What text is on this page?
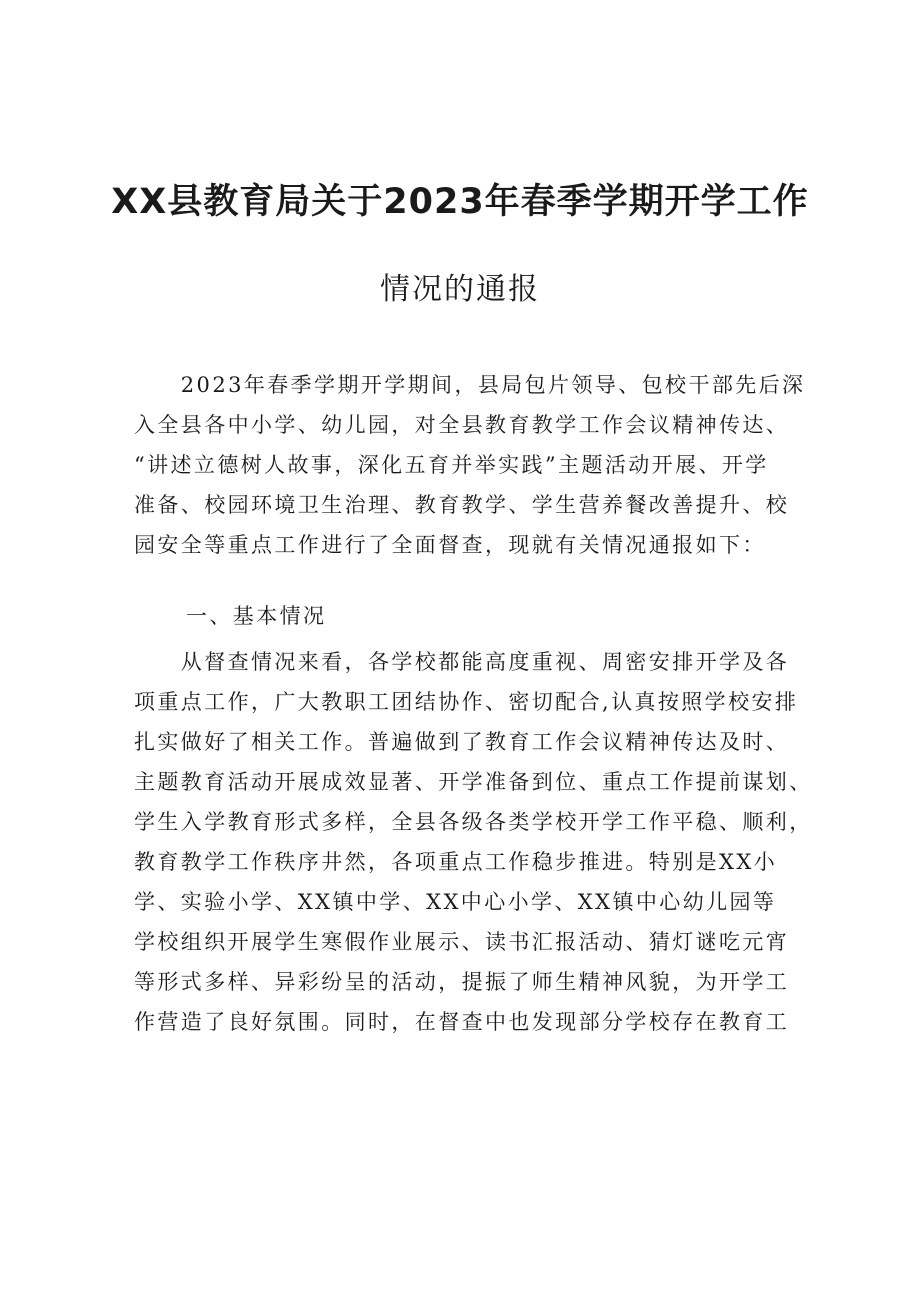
XX县教育局关于2023年春季学期开学工作
情况的通报
　　2023年春季学期开学期间，县局包片领导、包校干部先后深
入全县各中小学、幼儿园，对全县教育教学工作会议精神传达、
“讲述立德树人故事，深化五育并举实践”主题活动开展、开学
准备、校园环境卫生治理、教育教学、学生营养餐改善提升、校
园安全等重点工作进行了全面督查，现就有关情况通报如下：
一、基本情况
　　从督查情况来看，各学校都能高度重视、周密安排开学及各
项重点工作，广大教职工团结协作、密切配合,认真按照学校安排
扎实做好了相关工作。普遍做到了教育工作会议精神传达及时、
主题教育活动开展成效显著、开学准备到位、重点工作提前谋划、
学生入学教育形式多样，全县各级各类学校开学工作平稳、顺利，
教育教学工作秩序井然，各项重点工作稳步推进。特别是XX小
学、实验小学、XX镇中学、XX中心小学、XX镇中心幼儿园等
学校组织开展学生寒假作业展示、读书汇报活动、猜灯谜吃元宵
等形式多样、异彩纷呈的活动，提振了师生精神风貌，为开学工
作营造了良好氛围。同时，在督查中也发现部分学校存在教育工
